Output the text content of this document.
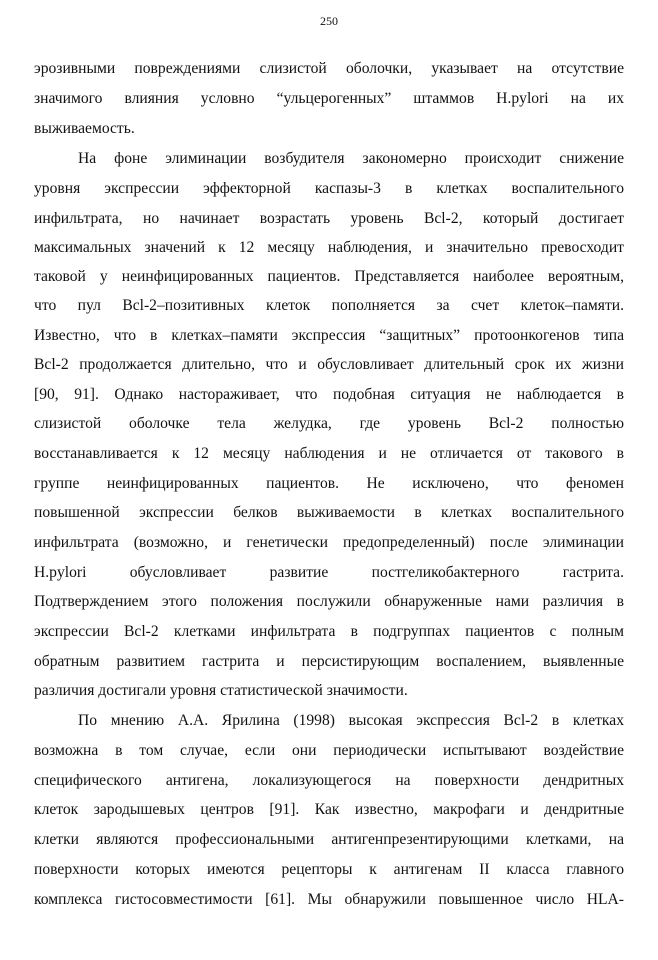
250
эрозивными повреждениями слизистой оболочки, указывает на отсутствие
значимого влияния условно “ульцерогенных” штаммов H.pylori на их
выживаемость.
На фоне элиминации возбудителя закономерно происходит снижение
уровня экспрессии эффекторной каспазы-3 в клетках воспалительного
инфильтрата, но начинает возрастать уровень Bcl-2, который достигает
максимальных значений к 12 месяцу наблюдения, и значительно превосходит
таковой у неинфицированных пациентов. Представляется наиболее вероятным,
что пул Bcl-2–позитивных клеток пополняется за счет клеток–памяти.
Известно, что в клетках–памяти экспрессия “защитных” протоонкогенов типа
Bcl-2 продолжается длительно, что и обусловливает длительный срок их жизни
[90, 91]. Однако настораживает, что подобная ситуация не наблюдается в
слизистой оболочке тела желудка, где уровень Bcl-2 полностью
восстанавливается к 12 месяцу наблюдения и не отличается от такового в
группе неинфицированных пациентов. Не исключено, что феномен
повышенной экспрессии белков выживаемости в клетках воспалительного
инфильтрата (возможно, и генетически предопределенный) после элиминации
H.pylori обусловливает развитие постгеликобактерного гастрита.
Подтверждением этого положения послужили обнаруженные нами различия в
экспрессии Bcl-2 клетками инфильтрата в подгруппах пациентов с полным
обратным развитием гастрита и персистирующим воспалением, выявленные
различия достигали уровня статистической значимости.
По мнению А.А. Ярилина (1998) высокая экспрессия Bcl-2 в клетках
возможна в том случае, если они периодически испытывают воздействие
специфического антигена, локализующегося на поверхности дендритных
клеток зародышевых центров [91]. Как известно, макрофаги и дендритные
клетки являются профессиональными антигенпрезентирующими клетками, на
поверхности которых имеются рецепторы к антигенам II класса главного
комплекса гистосовместимости [61]. Мы обнаружили повышенное число HLA-
